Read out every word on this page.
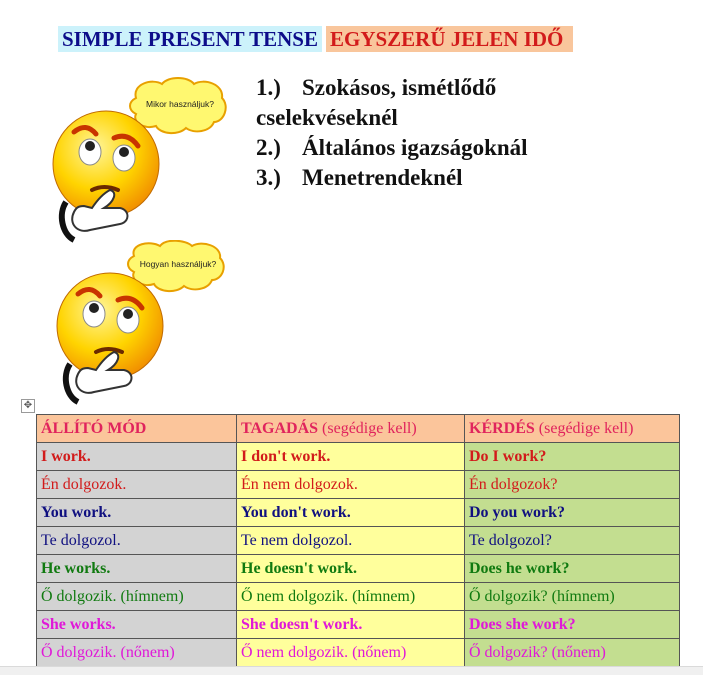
SIMPLE PRESENT TENSE EGYSZERŰ JELEN IDŐ
Mikor használjuk?
Hogyan használjuk?
1.) Szokásos, ismétlődő
cselekvéseknél
2.) Általános igazságoknál
3.) Menetrendeknél
✥
ÁLLÍTÓ MÓD	TAGADÁS (segédige kell)	KÉRDÉS (segédige kell)
I work.	I don't work.	Do I work?
Én dolgozok.	Én nem dolgozok.	Én dolgozok?
You work.	You don't work.	Do you work?
Te dolgozol.	Te nem dolgozol.	Te dolgozol?
He works.	He doesn't work.	Does he work?
Ő dolgozik. (hímnem)	Ő nem dolgozik. (hímnem)	Ő dolgozik? (hímnem)
She works.	She doesn't work.	Does she work?
Ő dolgozik. (nőnem)	Ő nem dolgozik. (nőnem)	Ő dolgozik? (nőnem)
